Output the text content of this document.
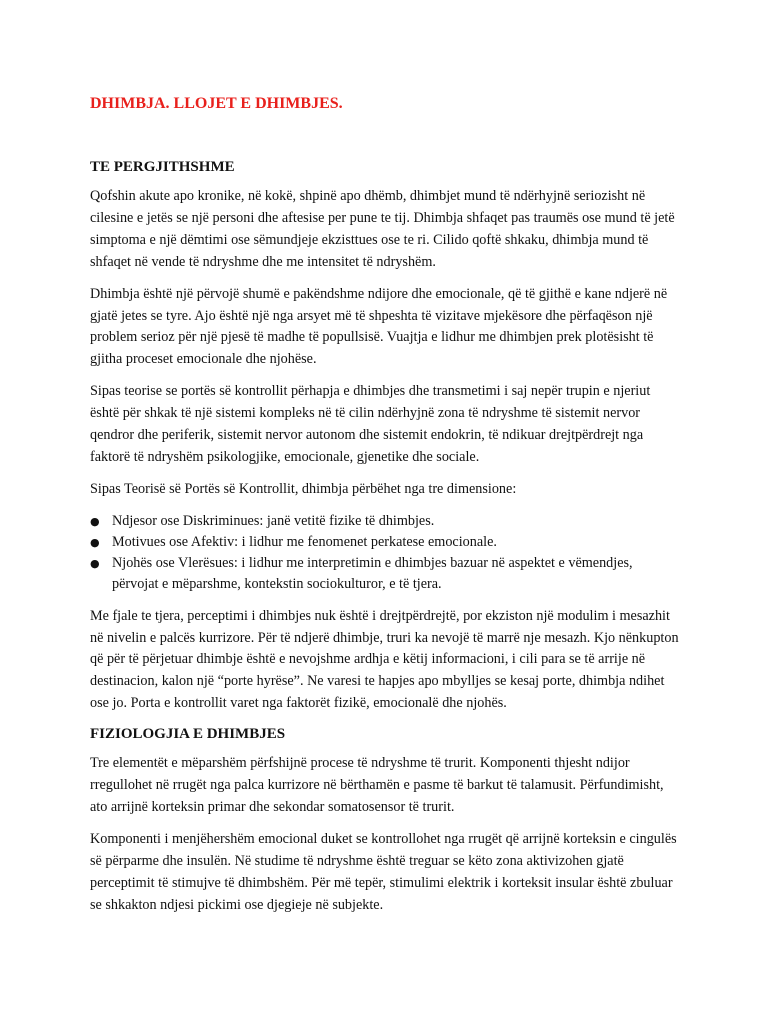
DHIMBJA. LLOJET E DHIMBJES.
TE PERGJITHSHME

Qofshin akute apo kronike, në kokë, shpinë apo dhëmb, dhimbjet mund të ndërhyjnë seriozisht në cilesine e jetës se një personi dhe aftesise per pune te tij. Dhimbja shfaqet pas traumës ose mund të jetë simptoma e një dëmtimi ose sëmundjeje ekzisttues ose te ri. Cilido qoftë shkaku, dhimbja mund të shfaqet në vende të ndryshme dhe me intensitet të ndryshëm.

Dhimbja është një përvojë shumë e pakëndshme ndijore dhe emocionale, që të gjithë e kane ndjerë në gjatë jetes se tyre. Ajo është një nga arsyet më të shpeshta të vizitave mjekësore dhe përfaqëson një problem serioz për një pjesë të madhe të popullsisë. Vuajtja e lidhur me dhimbjen prek plotësisht të gjitha proceset emocionale dhe njohëse.

Sipas teorise se portës së kontrollit përhapja e dhimbjes dhe transmetimi i saj nepër trupin e njeriut është për shkak të një sistemi kompleks në të cilin ndërhyjnë zona të ndryshme të sistemit nervor qendror dhe periferik, sistemit nervor autonom dhe sistemit endokrin, të ndikuar drejtpërdrejt nga faktorë të ndryshëm psikologjike, emocionale, gjenetike dhe sociale.

Sipas Teorisë së Portës së Kontrollit, dhimbja përbëhet nga tre dimensione:

● Ndjesor ose Diskriminues: janë vetitë fizike të dhimbjes.
● Motivues ose Afektiv: i lidhur me fenomenet perkatese emocionale.
● Njohës ose Vlerësues: i lidhur me interpretimin e dhimbjes bazuar në aspektet e vëmendjes, përvojat e mëparshme, kontekstin sociokulturor, e të tjera.

Me fjale te tjera, perceptimi i dhimbjes nuk është i drejtpërdrejtë, por ekziston një modulim i mesazhit në nivelin e palcës kurrizore. Për të ndjerë dhimbje, truri ka nevojë të marrë nje mesazh. Kjo nënkupton që për të përjetuar dhimbje është e nevojshme ardhja e këtij informacioni, i cili para se të arrije në destinacion, kalon një “porte hyrëse”. Ne varesi te hapjes apo mbylljes se kesaj porte, dhimbja ndihet ose jo. Porta e kontrollit varet nga faktorët fizikë, emocionalë dhe njohës.

FIZIOLOGJIA E DHIMBJES

Tre elementët e mëparshëm përfshijnë procese të ndryshme të trurit. Komponenti thjesht ndijor rregullohet në rrugët nga palca kurrizore në bërthamën e pasme të barkut të talamusit. Përfundimisht, ato arrijnë korteksin primar dhe sekondar somatosensor të trurit.

Komponenti i menjëhershëm emocional duket se kontrollohet nga rrugët që arrijnë korteksin e cingulës së përparme dhe insulën. Në studime të ndryshme është treguar se këto zona aktivizohen gjatë perceptimit të stimujve të dhimbshëm. Për më tepër, stimulimi elektrik i korteksit insular është zbuluar se shkakton ndjesi pickimi ose djegieje në subjekte.
